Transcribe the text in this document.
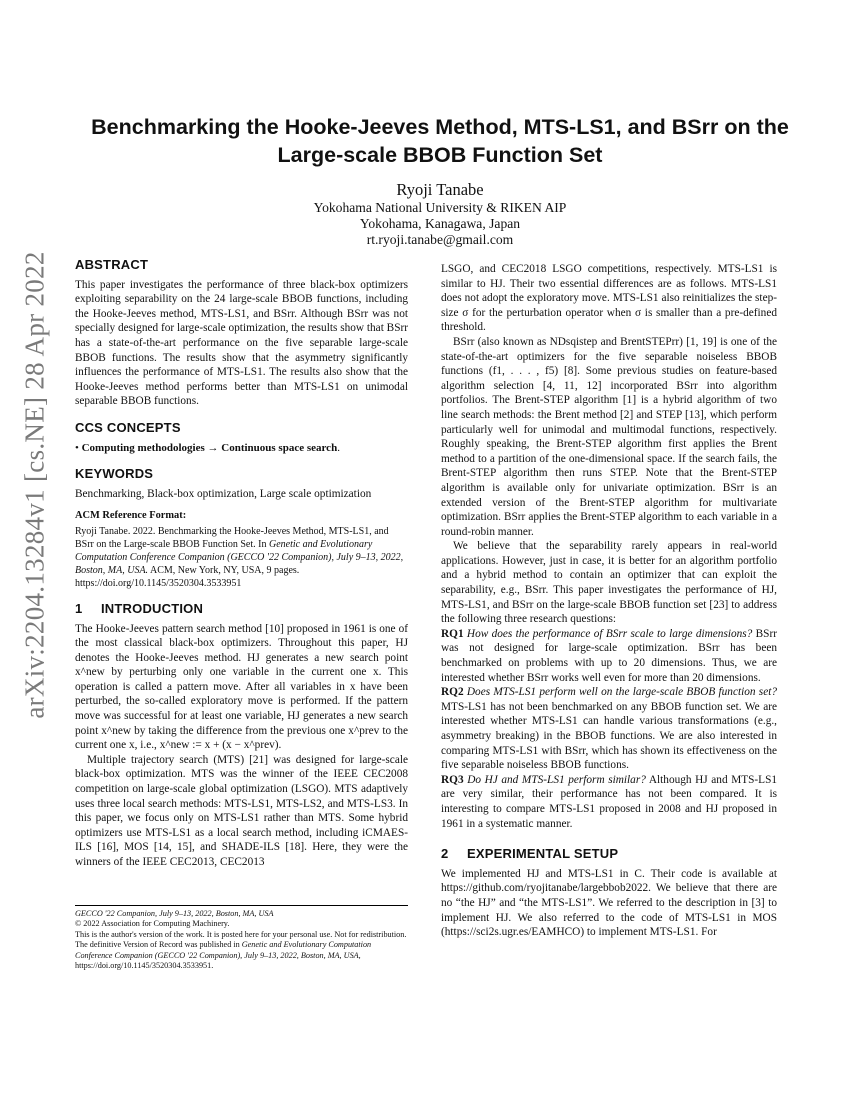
arXiv:2204.13284v1 [cs.NE] 28 Apr 2022
Benchmarking the Hooke-Jeeves Method, MTS-LS1, and BSrr on the Large-scale BBOB Function Set
Ryoji Tanabe
Yokohama National University & RIKEN AIP
Yokohama, Kanagawa, Japan
rt.ryoji.tanabe@gmail.com
ABSTRACT

This paper investigates the performance of three black-box optimizers exploiting separability on the 24 large-scale BBOB functions, including the Hooke-Jeeves method, MTS-LS1, and BSrr. Although BSrr was not specially designed for large-scale optimization, the results show that BSrr has a state-of-the-art performance on the five separable large-scale BBOB functions. The results show that the asymmetry significantly influences the performance of MTS-LS1. The results also show that the Hooke-Jeeves method performs better than MTS-LS1 on unimodal separable BBOB functions.

CCS CONCEPTS

• Computing methodologies → Continuous space search.

KEYWORDS

Benchmarking, Black-box optimization, Large scale optimization

ACM Reference Format:

Ryoji Tanabe. 2022. Benchmarking the Hooke-Jeeves Method, MTS-LS1, and BSrr on the Large-scale BBOB Function Set. In Genetic and Evolutionary Computation Conference Companion (GECCO '22 Companion), July 9–13, 2022, Boston, MA, USA. ACM, New York, NY, USA, 9 pages. https://doi.org/10.1145/3520304.3533951

1 INTRODUCTION

The Hooke-Jeeves pattern search method [10] proposed in 1961 is one of the most classical black-box optimizers. Throughout this paper, HJ denotes the Hooke-Jeeves method. HJ generates a new search point x^new by perturbing only one variable in the current one x. This operation is called a pattern move. After all variables in x have been perturbed, the so-called exploratory move is performed. If the pattern move was successful for at least one variable, HJ generates a new search point x^new by taking the difference from the previous one x^prev to the current one x, i.e., x^new := x + (x − x^prev).

Multiple trajectory search (MTS) [21] was designed for large-scale black-box optimization. MTS was the winner of the IEEE CEC2008 competition on large-scale global optimization (LSGO). MTS adaptively uses three local search methods: MTS-LS1, MTS-LS2, and MTS-LS3. In this paper, we focus only on MTS-LS1 rather than MTS. Some hybrid optimizers use MTS-LS1 as a local search method, including iCMAES-ILS [16], MOS [14, 15], and SHADE-ILS [18]. Here, they were the winners of the IEEE CEC2013, CEC2013

GECCO '22 Companion, July 9–13, 2022, Boston, MA, USA

© 2022 Association for Computing Machinery.

This is the author's version of the work. It is posted here for your personal use. Not for redistribution. The definitive Version of Record was published in Genetic and Evolutionary Computation Conference Companion (GECCO '22 Companion), July 9–13, 2022, Boston, MA, USA, https://doi.org/10.1145/3520304.3533951.

LSGO, and CEC2018 LSGO competitions, respectively. MTS-LS1 is similar to HJ. Their two essential differences are as follows. MTS-LS1 does not adopt the exploratory move. MTS-LS1 also reinitializes the step-size σ for the perturbation operator when σ is smaller than a pre-defined threshold.

BSrr (also known as NDsqistep and BrentSTEPrr) [1, 19] is one of the state-of-the-art optimizers for the five separable noiseless BBOB functions (f1, . . . , f5) [8]. Some previous studies on feature-based algorithm selection [4, 11, 12] incorporated BSrr into algorithm portfolios. The Brent-STEP algorithm [1] is a hybrid algorithm of two line search methods: the Brent method [2] and STEP [13], which perform particularly well for unimodal and multimodal functions, respectively. Roughly speaking, the Brent-STEP algorithm first applies the Brent method to a partition of the one-dimensional space. If the search fails, the Brent-STEP algorithm then runs STEP. Note that the Brent-STEP algorithm is available only for univariate optimization. BSrr is an extended version of the Brent-STEP algorithm for multivariate optimization. BSrr applies the Brent-STEP algorithm to each variable in a round-robin manner.

We believe that the separability rarely appears in real-world applications. However, just in case, it is better for an algorithm portfolio and a hybrid method to contain an optimizer that can exploit the separability, e.g., BSrr. This paper investigates the performance of HJ, MTS-LS1, and BSrr on the large-scale BBOB function set [23] to address the following three research questions:

RQ1 How does the performance of BSrr scale to large dimensions? BSrr was not designed for large-scale optimization. BSrr has been benchmarked on problems with up to 20 dimensions. Thus, we are interested whether BSrr works well even for more than 20 dimensions.

RQ2 Does MTS-LS1 perform well on the large-scale BBOB function set? MTS-LS1 has not been benchmarked on any BBOB function set. We are interested whether MTS-LS1 can handle various transformations (e.g., asymmetry breaking) in the BBOB functions. We are also interested in comparing MTS-LS1 with BSrr, which has shown its effectiveness on the five separable noiseless BBOB functions.

RQ3 Do HJ and MTS-LS1 perform similar? Although HJ and MTS-LS1 are very similar, their performance has not been compared. It is interesting to compare MTS-LS1 proposed in 2008 and HJ proposed in 1961 in a systematic manner.

2 EXPERIMENTAL SETUP

We implemented HJ and MTS-LS1 in C. Their code is available at https://github.com/ryojitanabe/largebbob2022. We believe that there are no “the HJ” and “the MTS-LS1”. We referred to the description in [3] to implement HJ. We also referred to the code of MTS-LS1 in MOS (https://sci2s.ugr.es/EAMHCO) to implement MTS-LS1. For
